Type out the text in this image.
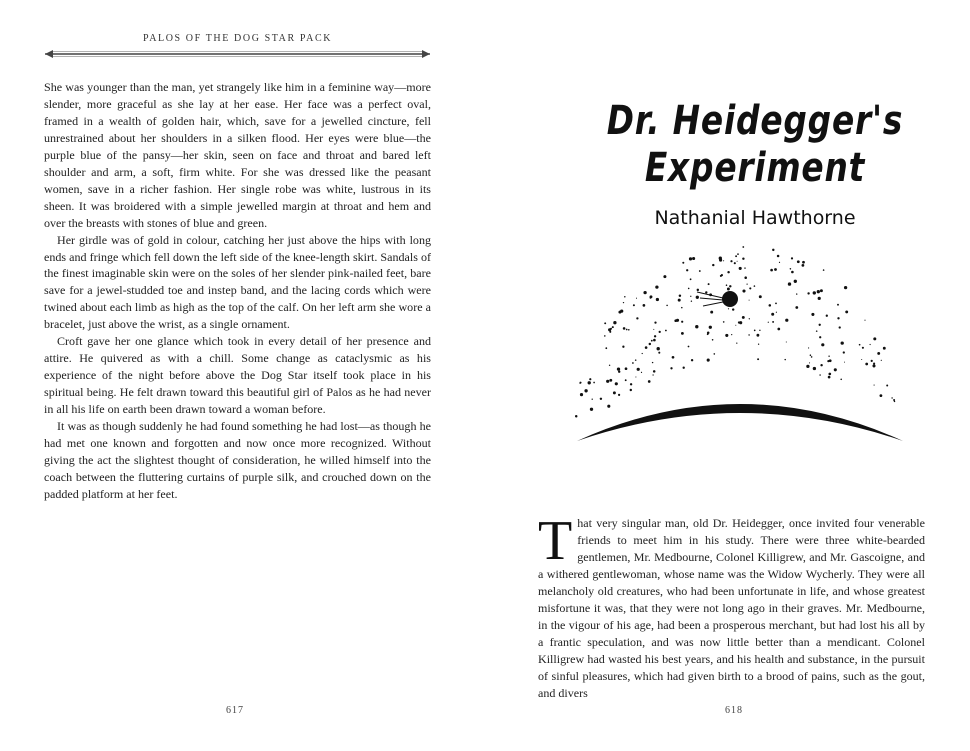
PALOS OF THE DOG STAR PACK

She was younger than the man, yet strangely like him in a feminine way—more slender, more graceful as she lay at her ease. Her face was a perfect oval, framed in a wealth of golden hair, which, save for a jewelled cincture, fell unrestrained about her shoulders in a silken flood. Her eyes were blue—the purple blue of the pansy—her skin, seen on face and throat and bared left shoulder and arm, a soft, firm white. For she was dressed like the peasant women, save in a richer fashion. Her single robe was white, lustrous in its sheen. It was broidered with a simple jewelled margin at throat and hem and over the breasts with stones of blue and green.

Her girdle was of gold in colour, catching her just above the hips with long ends and fringe which fell down the left side of the knee-length skirt. Sandals of the finest imaginable skin were on the soles of her slender pink-nailed feet, bare save for a jewel-studded toe and instep band, and the lacing cords which were twined about each limb as high as the top of the calf. On her left arm she wore a bracelet, just above the wrist, as a single ornament.

Croft gave her one glance which took in every detail of her presence and attire. He quivered as with a chill. Some change as cataclysmic as his experience of the night before above the Dog Star itself took place in his spiritual being. He felt drawn toward this beautiful girl of Palos as he had never in all his life on earth been drawn toward a woman before.

It was as though suddenly he had found something he had lost—as though he had met one known and forgotten and now once more recognized. Without giving the act the slightest thought of consideration, he willed himself into the coach between the fluttering curtains of purple silk, and crouched down on the padded platform at her feet.

617
Dr. Heidegger's
Experiment
Nathanial Hawthorne

That very singular man, old Dr. Heidegger, once invited four venerable friends to meet him in his study. There were three white-bearded gentlemen, Mr. Medbourne, Colonel Killigrew, and Mr. Gascoigne, and a withered gentlewoman, whose name was the Widow Wycherly. They were all melancholy old creatures, who had been unfortunate in life, and whose greatest misfortune it was, that they were not long ago in their graves. Mr. Medbourne, in the vigour of his age, had been a prosperous merchant, but had lost his all by a frantic speculation, and was now little better than a mendicant. Colonel Killigrew had wasted his best years, and his health and substance, in the pursuit of sinful pleasures, which had given birth to a brood of pains, such as the gout, and divers

618
